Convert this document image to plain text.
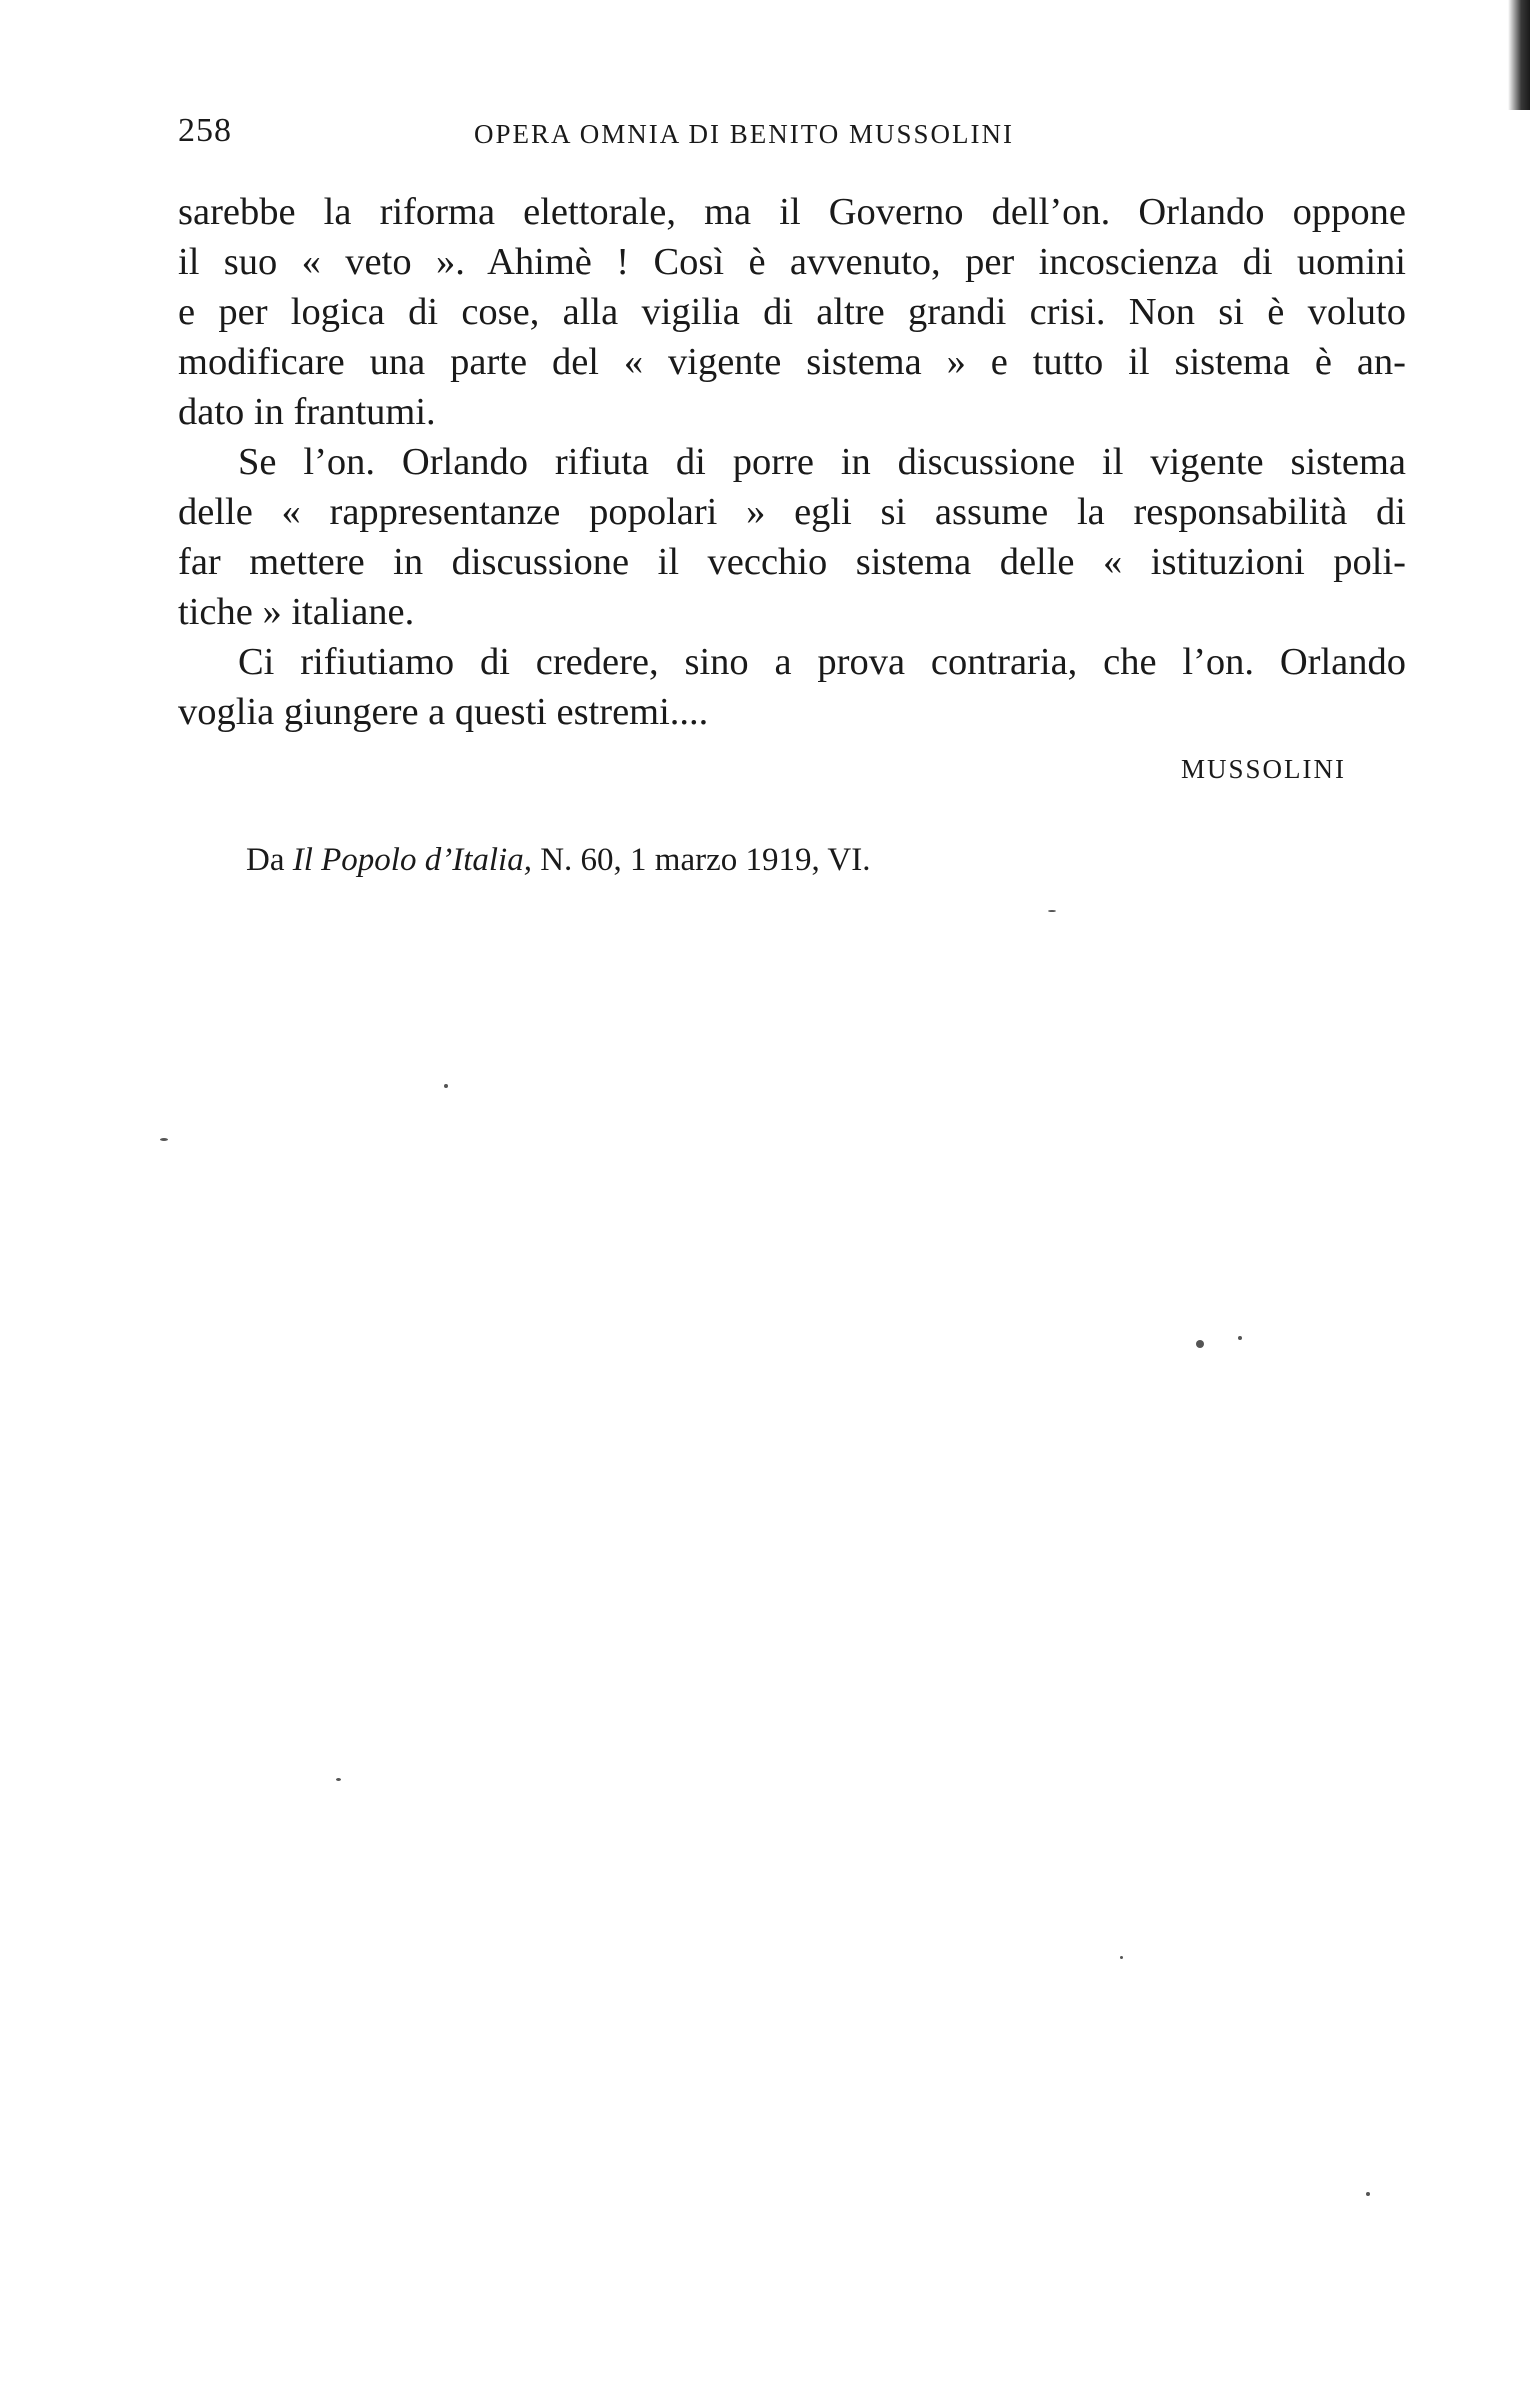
258	OPERA OMNIA DI BENITO MUSSOLINI
sarebbe la riforma elettorale, ma il Governo dell’on. Orlando oppone
il suo « veto ». Ahimè ! Così è avvenuto, per incoscienza di uomini
e per logica di cose, alla vigilia di altre grandi crisi. Non si è voluto
modificare una parte del « vigente sistema » e tutto il sistema è an-
dato in frantumi.
Se l’on. Orlando rifiuta di porre in discussione il vigente sistema
delle « rappresentanze popolari » egli si assume la responsabilità di
far mettere in discussione il vecchio sistema delle « istituzioni poli-
tiche » italiane.
Ci rifiutiamo di credere, sino a prova contraria, che l’on. Orlando
voglia giungere a questi estremi....
MUSSOLINI
Da Il Popolo d’Italia, N. 60, 1 marzo 1919, VI.
